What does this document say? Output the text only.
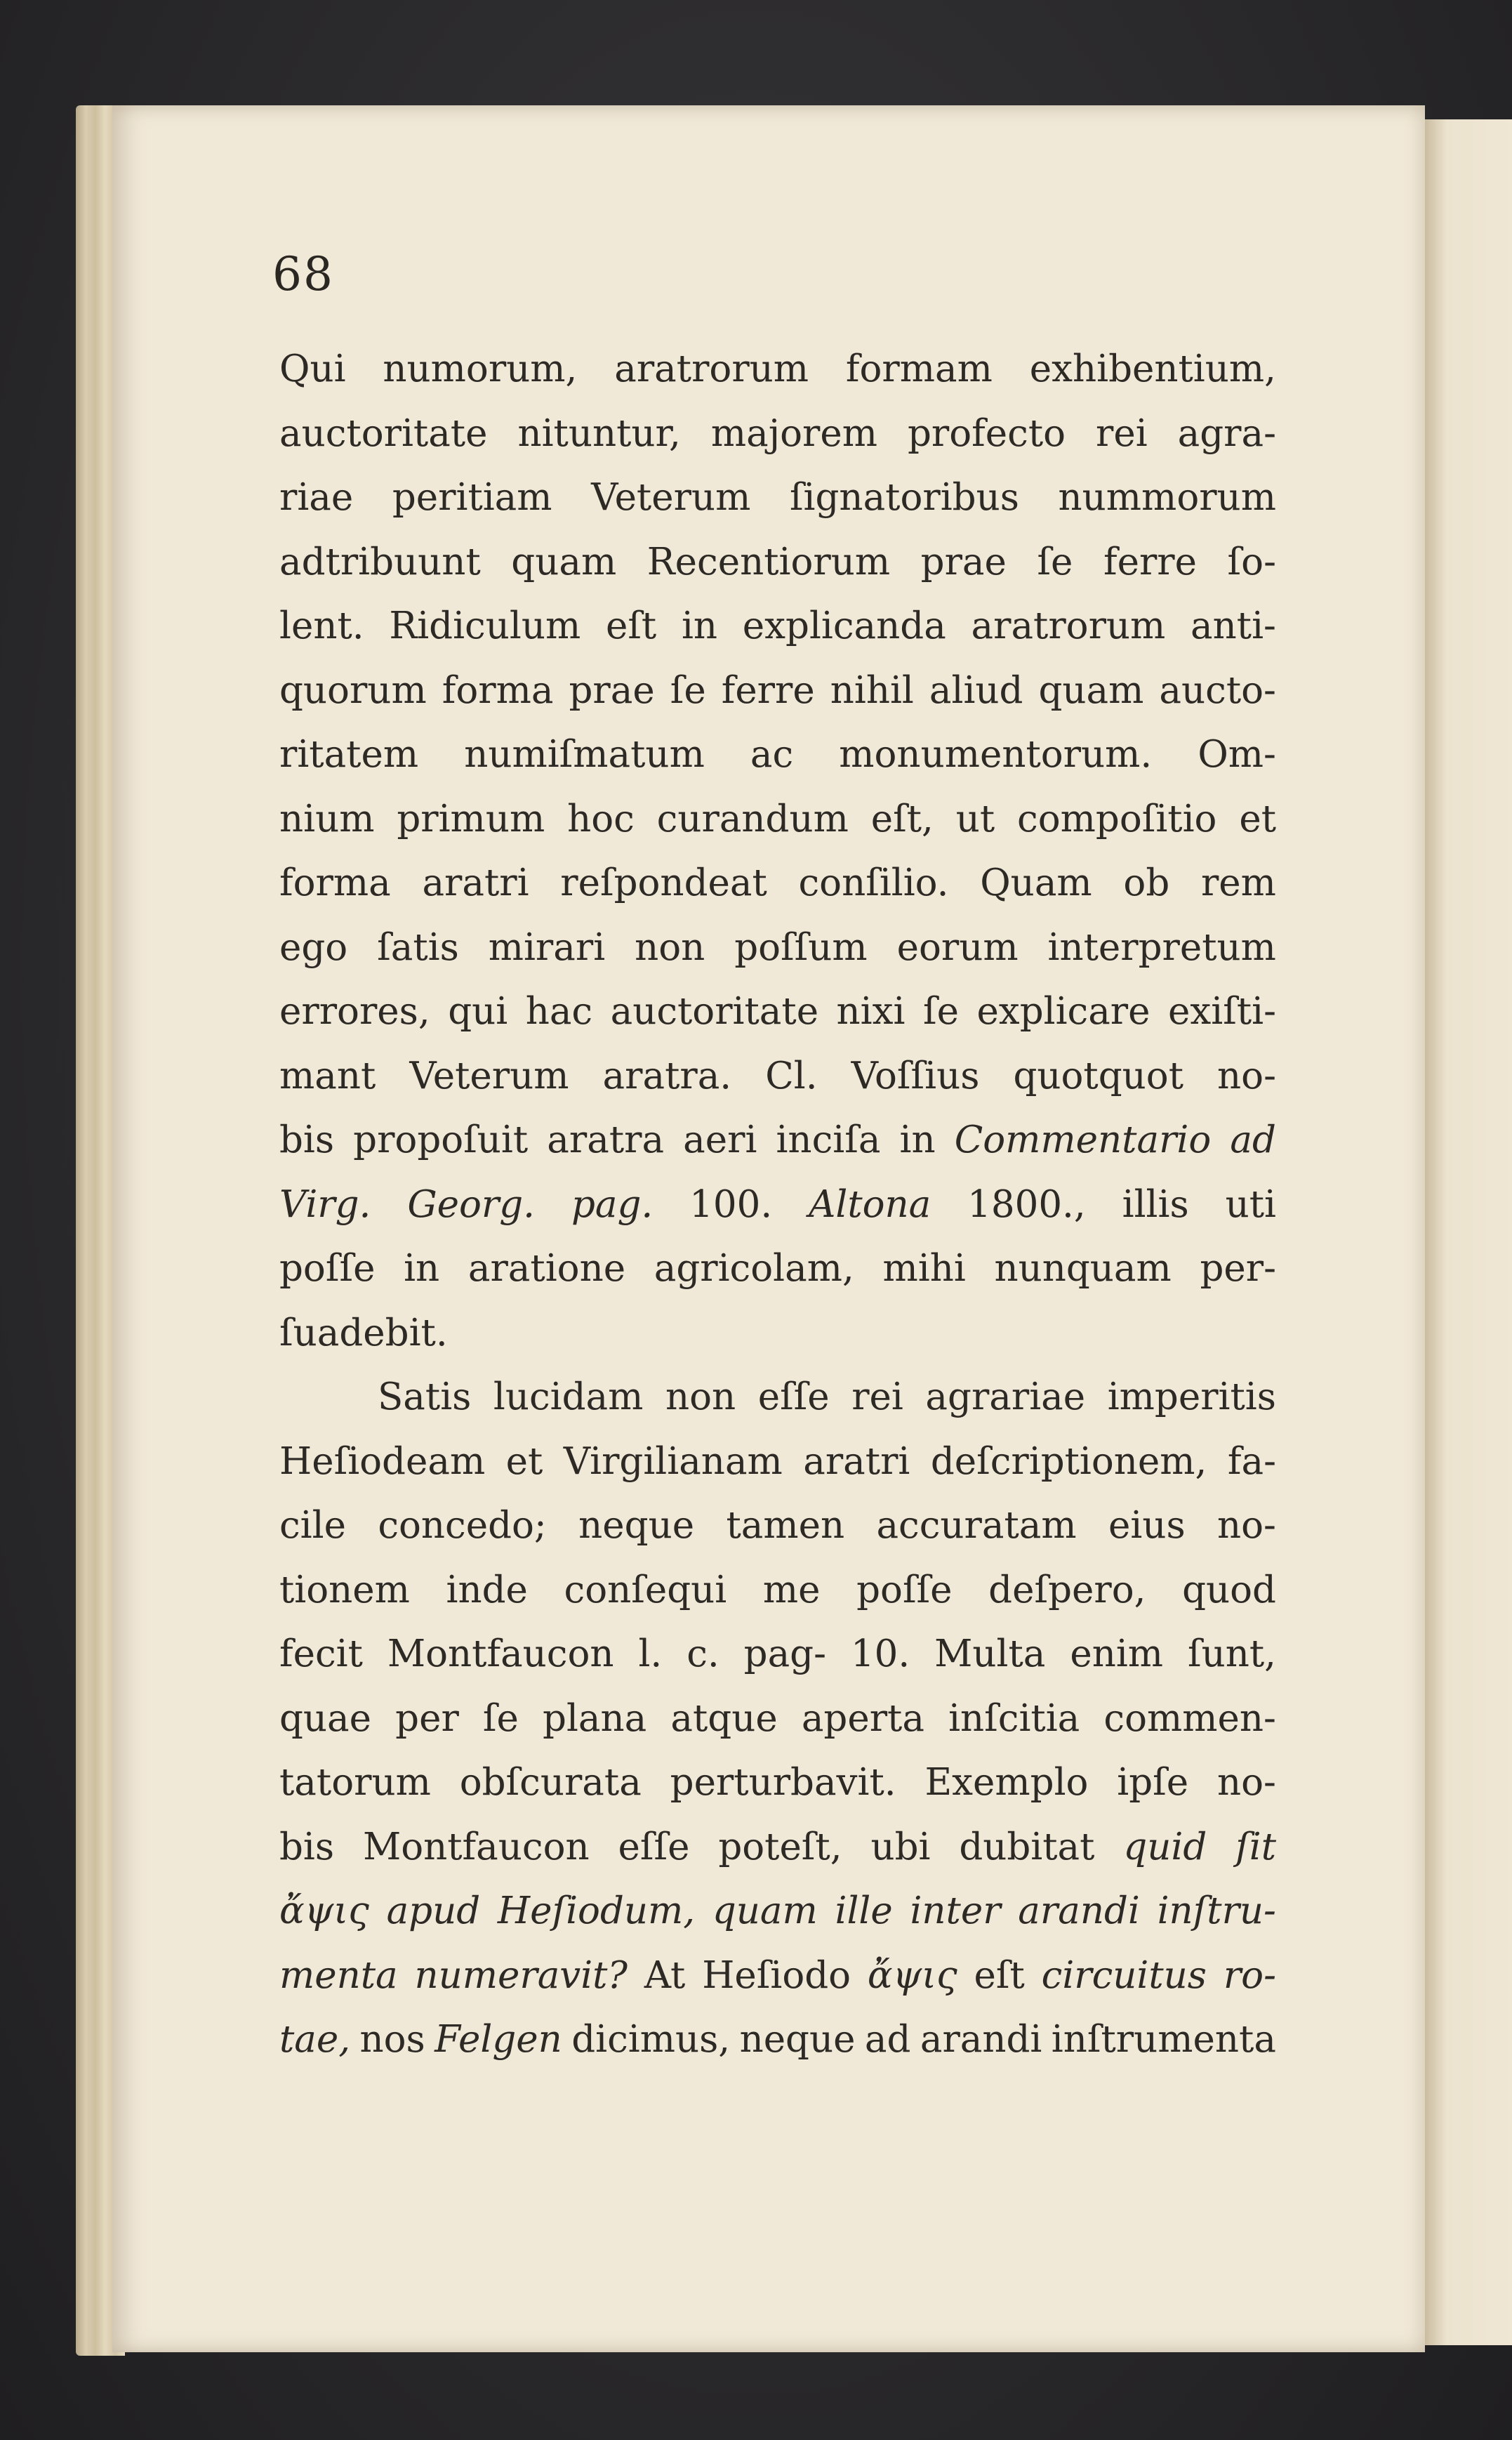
68
Qui numorum, aratrorum formam exhibentium,
auctoritate nituntur, majorem profecto rei agra-
riae peritiam Veterum ſignatoribus nummorum
adtribuunt quam Recentiorum prae ſe ferre ſo-
lent. Ridiculum eſt in explicanda aratrorum anti-
quorum forma prae ſe ferre nihil aliud quam aucto-
ritatem numiſmatum ac monumentorum. Om-
nium primum hoc curandum eſt, ut compoſitio et
forma aratri reſpondeat conſilio. Quam ob rem
ego ſatis mirari non poſſum eorum interpretum
errores, qui hac auctoritate nixi ſe explicare exiſti-
mant Veterum aratra. Cl. Voſſius quotquot no-
bis propoſuit aratra aeri inciſa in Commentario ad
Virg. Georg. pag. 100. Altona 1800., illis uti
poſſe in aratione agricolam, mihi nunquam per-
ſuadebit.
Satis lucidam non eſſe rei agrariae imperitis
Heſiodeam et Virgilianam aratri deſcriptionem, fa-
cile concedo; neque tamen accuratam eius no-
tionem inde conſequi me poſſe deſpero, quod
fecit Montfaucon l. c. pag- 10. Multa enim ſunt,
quae per ſe plana atque aperta inſcitia commen-
tatorum obſcurata perturbavit. Exemplo ipſe no-
bis Montfaucon eſſe poteſt, ubi dubitat quid ſit
ἄψις apud Heſiodum, quam ille inter arandi inſtru-
menta numeravit? At Heſiodo ἄψις eſt circuitus ro-
tae, nos Felgen dicimus, neque ad arandi inſtrumenta
